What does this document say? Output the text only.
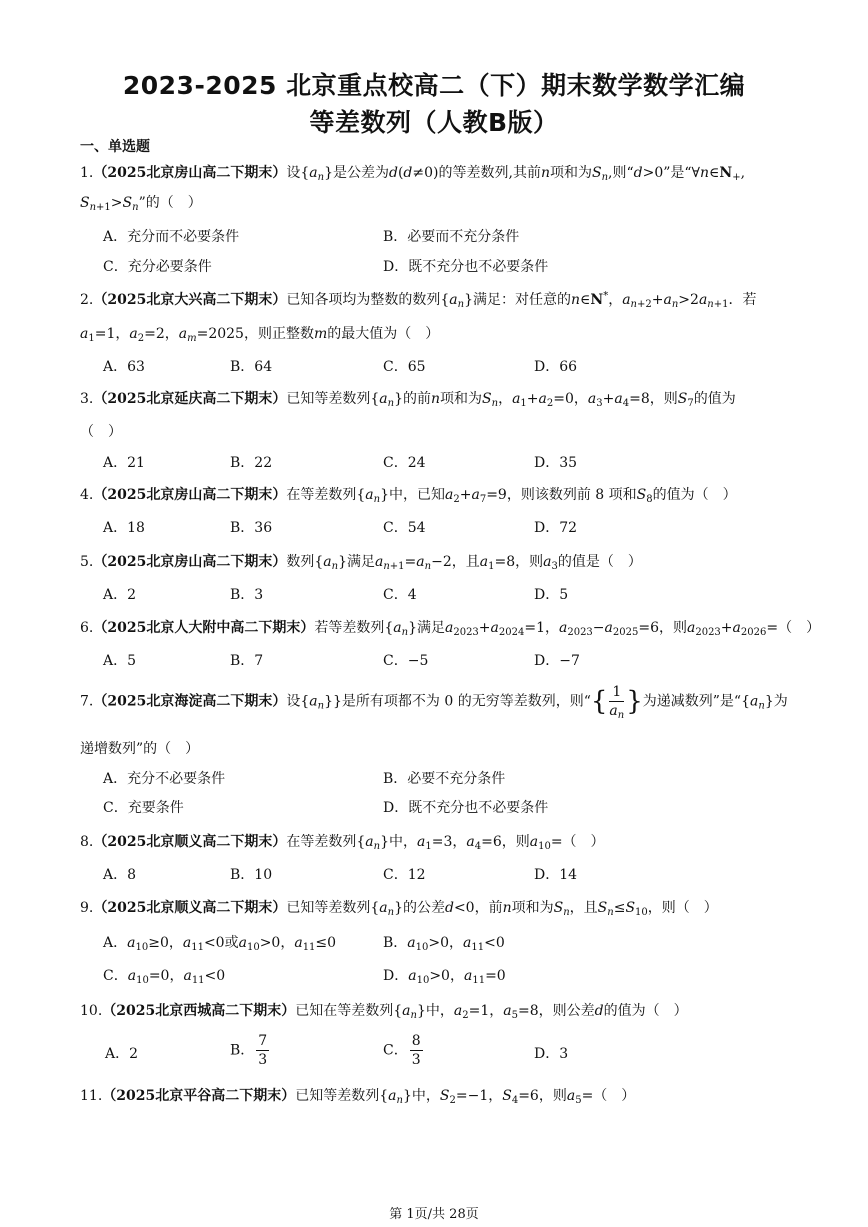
2023-2025 北京重点校高二（下）期末数学数学汇编
等差数列（人教B版）
一、单选题
1.（2025北京房山高二下期末）设$\{a_n\}$是公差为d(d≠0)的等差数列,其前n项和为$S_n$,则“d>0”是“$\forall n\in N_+$,
$S_{n+1}>S_n$”的（　）
A．充分而不必要条件	B．必要而不充分条件
C．充分必要条件	D．既不充分也不必要条件
2.（2025北京大兴高二下期末）已知各项均为整数的数列$\{a_n\}$满足：对任意的n∈N*，$a_{n+2}+a_n>2a_{n+1}$．若
$a_1=1$，$a_2=2$，$a_m=2025$，则正整数m的最大值为（　）
A．63	B．64	C．65	D．66
3.（2025北京延庆高二下期末）已知等差数列$\{a_n\}$的前n项和为$S_n$，$a_1+a_2=0$，$a_3+a_4=8$，则$S_7$的值为
（　）
A．21	B．22	C．24	D．35
4.（2025北京房山高二下期末）在等差数列$\{a_n\}$中，已知$a_2+a_7=9$，则该数列前 8 项和$S_8$的值为（　）
A．18	B．36	C．54	D．72
5.（2025北京房山高二下期末）数列$\{a_n\}$满足$a_{n+1}=a_n-2$，且$a_1=8$，则$a_3$的值是（　）
A．2	B．3	C．4	D．5
6.（2025北京人大附中高二下期末）若等差数列$\{a_n\}$满足$a_{2023}+a_{2024}=1$，$a_{2023}-a_{2025}=6$，则$a_{2023}+a_{2026}=$（　）
A．5	B．7	C．−5	D．−7
7.（2025北京海淀高二下期末）设$\{a_n\}$}是所有项都不为 0 的无穷等差数列，则“{ $\frac{1}{a_n}$ }为递减数列”是“$\{a_n\}$为
递增数列”的（　）
A．充分不必要条件	B．必要不充分条件
C．充要条件	D．既不充分也不必要条件
8.（2025北京顺义高二下期末）在等差数列$\{a_n\}$中，$a_1=3$，$a_4=6$，则$a_{10}=$（　）
A．8	B．10	C．12	D．14
9.（2025北京顺义高二下期末）已知等差数列$\{a_n\}$的公差d<0，前n项和为$S_n$，且$S_n\le S_{10}$，则（　）
A．$a_{10}\ge 0$，$a_{11}<0$或$a_{10}>0$，$a_{11}\le 0$	B．$a_{10}>0$，$a_{11}<0$
C．$a_{10}=0$，$a_{11}<0$	D．$a_{10}>0$，$a_{11}=0$
10.（2025北京西城高二下期末）已知在等差数列$\{a_n\}$中，$a_2=1$，$a_5=8$，则公差d的值为（　）
A．2	B． $\frac{7}{3}$	C． $\frac{8}{3}$	D．3
11.（2025北京平谷高二下期末）已知等差数列$\{a_n\}$中，$S_2=-1$，$S_4=6$，则$a_5=$（　）
第 1页/共 28页
